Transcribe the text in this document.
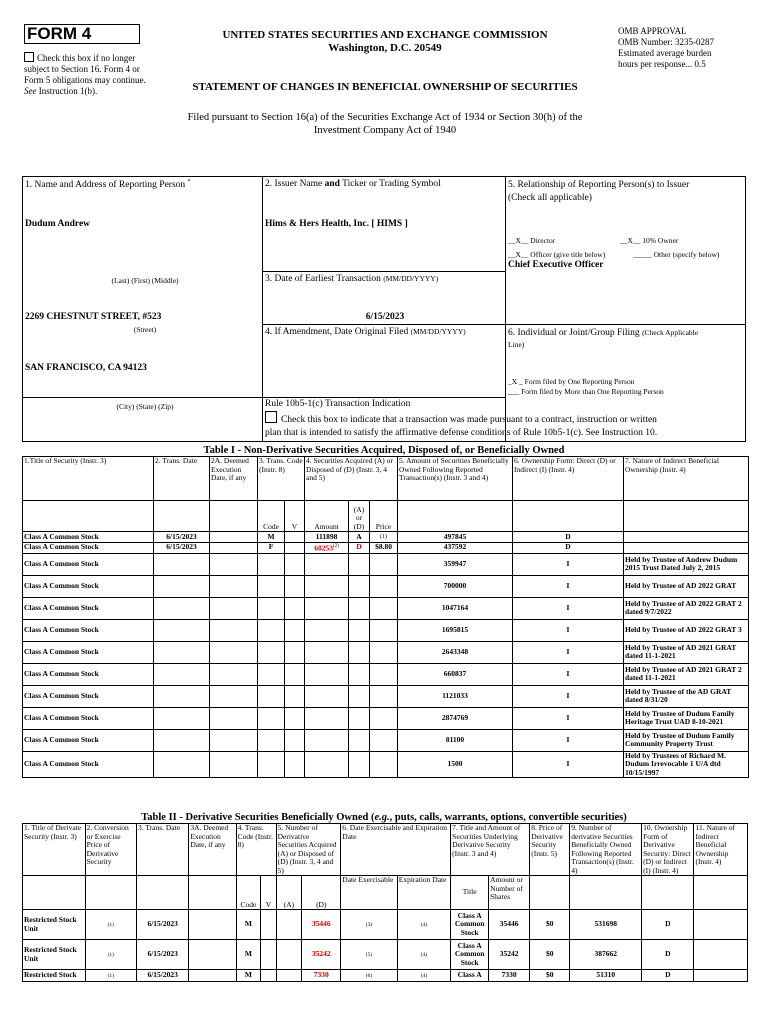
FORM 4
Check this box if no longer subject to Section 16. Form 4 or Form 5 obligations may continue. See Instruction 1(b).
UNITED STATES SECURITIES AND EXCHANGE COMMISSION
Washington, D.C. 20549
OMB APPROVAL
OMB Number: 3235-0287
Estimated average burden
hours per response... 0.5
STATEMENT OF CHANGES IN BENEFICIAL OWNERSHIP OF SECURITIES
Filed pursuant to Section 16(a) of the Securities Exchange Act of 1934 or Section 30(h) of the
Investment Company Act of 1940
1. Name and Address of Reporting Person *
Dudum Andrew
(Last) (First) (Middle)
2269 CHESTNUT STREET, #523
(Street)
SAN FRANCISCO, CA 94123
(City) (State) (Zip)
2. Issuer Name and Ticker or Trading Symbol
Hims & Hers Health, Inc. [ HIMS ]
3. Date of Earliest Transaction (MM/DD/YYYY)
6/15/2023
4. If Amendment, Date Original Filed (MM/DD/YYYY)
Rule 10b5-1(c) Transaction Indication
Check this box to indicate that a transaction was made pursuant to a contract, instruction or written
plan that is intended to satisfy the affirmative defense conditions of Rule 10b5-1(c). See Instruction 10.
5. Relationship of Reporting Person(s) to Issuer
(Check all applicable)
__X__ Director	__X__ 10% Owner
__X__ Officer (give title below)	_____ Other (specify below)
Chief Executive Officer
6. Individual or Joint/Group Filing (Check Applicable
Line)
_X _ Form filed by One Reporting Person
___ Form filed by More than One Reporting Person
Table I - Non-Derivative Securities Acquired, Disposed of, or Beneficially Owned
1.Title of Security (Instr. 3)	2. Trans. Date	2A. Deemed Execution Date, if any	3. Trans. Code (Instr. 8)		4. Securities Acquired (A) or Disposed of (D) (Instr. 3, 4 and 5)			5. Amount of Securities Beneficially Owned Following Reported Transaction(s) (Instr. 3 and 4)	6. Ownership Form: Direct (D) or Indirect (I) (Instr. 4)	7. Nature of Indirect Beneficial Ownership (Instr. 4)
			Code	V	Amount	(A) or (D)	Price			
Class A Common Stock	6/15/2023		M		111898	A	(1)	497845	D	
Class A Common Stock	6/15/2023		F		60253$^{(2)}$	D	$8.80	437592	D	
Class A Common Stock								359947	I	Held by Trustee of Andrew Dudum 2015 Trust Dated July 2, 2015
Class A Common Stock								700000	I	Held by Trustee of AD 2022 GRAT
Class A Common Stock								1047164	I	Held by Trustee of AD 2022 GRAT 2 dated 9/7/2022
Class A Common Stock								1695815	I	Held by Trustee of AD 2022 GRAT 3
Class A Common Stock								2643348	I	Held by Trustee of AD 2021 GRAT dated 11-1-2021
Class A Common Stock								660837	I	Held by Trustee of AD 2021 GRAT 2 dated 11-1-2021
Class A Common Stock								1121033	I	Held by Trustee of the AD GRAT dated 8/31/20
Class A Common Stock								2874769	I	Held by Trustee of Dudum Family Heritage Trust UAD 8-10-2021
Class A Common Stock								81100	I	Held by Trustee of Dudum Family Community Property Trust
Class A Common Stock								1500	I	Held by Trustees of Richard M. Dudum Irrevocable 1 U/A dtd 10/15/1997
Table II - Derivative Securities Beneficially Owned (e.g., puts, calls, warrants, options, convertible securities)
1. Title of Derivate Security (Instr. 3)	2. Conversion or Exercise Price of Derivative Security	3. Trans. Date	3A. Deemed Execution Date, if any	4. Trans. Code (Instr. 8)		5. Number of Derivative Securities Acquired (A) or Disposed of (D) (Instr. 3, 4 and 5)		6. Date Exercisable and Expiration Date		7. Title and Amount of Securities Underlying Derivative Security (Instr. 3 and 4)		8. Price of Derivative Security (Instr. 5)	9. Number of derivative Securities Beneficially Owned Following Reported Transaction(s) (Instr. 4)	10. Ownership Form of Derivative Security: Direct (D) or Indirect (I) (Instr. 4)	11. Nature of Indirect Beneficial Ownership (Instr. 4)
				Code	V	(A)	(D)	Date Exercisable	Expiration Date	Title	Amount or Number of Shares				
Restricted Stock Unit	(1)	6/15/2023		M			35446	(3)	(4)	Class A Common Stock	35446	$0	531698	D	
Restricted Stock Unit	(1)	6/15/2023		M			35242	(5)	(4)	Class A Common Stock	35242	$0	387662	D	
Restricted Stock	(1)	6/15/2023		M			7330	(6)	(4)	Class A	7330	$0	51310	D	
